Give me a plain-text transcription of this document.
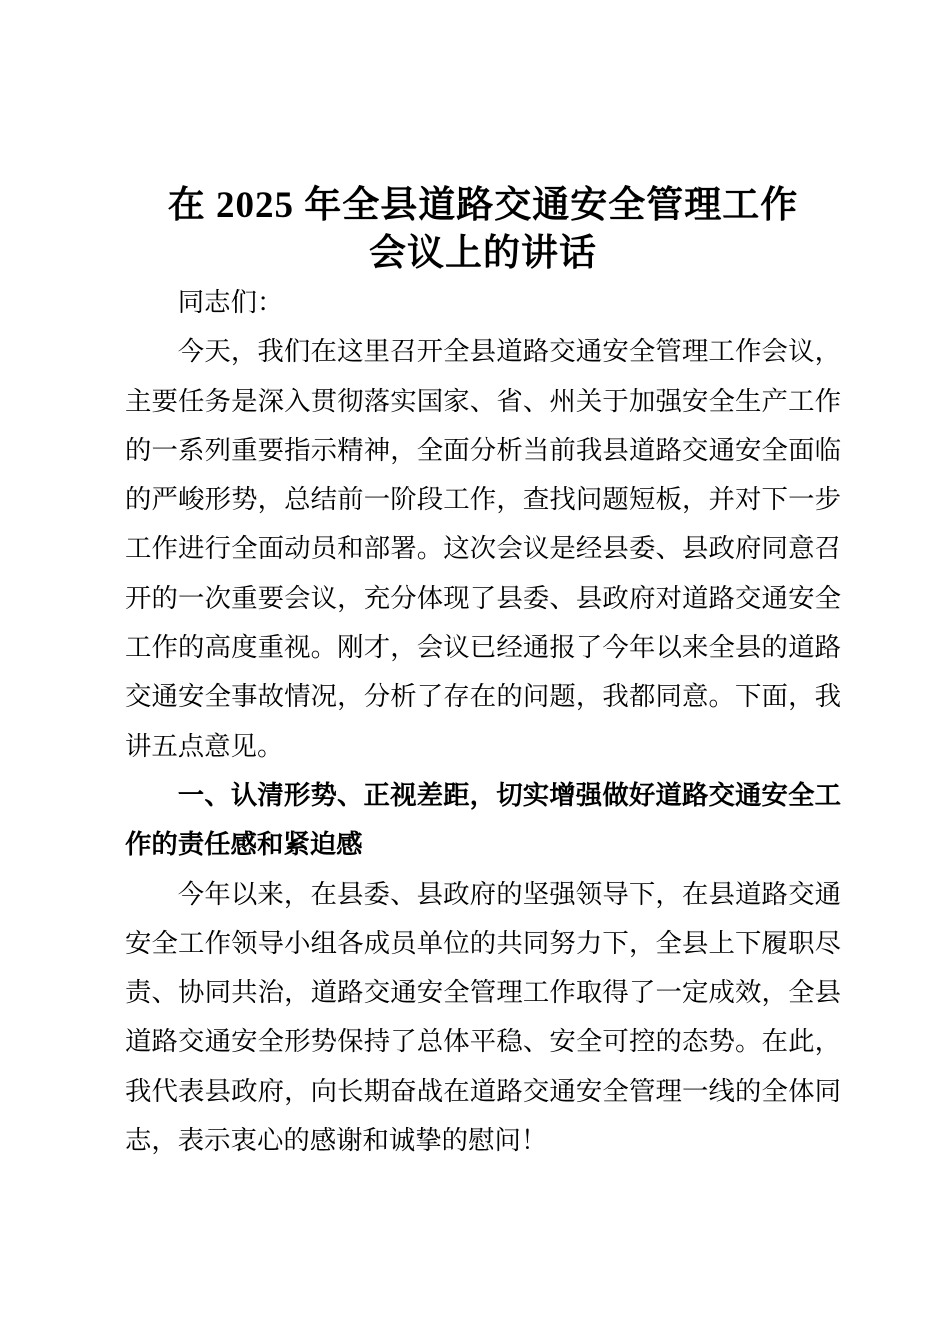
在 2025 年全县道路交通安全管理工作
会议上的讲话

同志们：

今天，我们在这里召开全县道路交通安全管理工作会议，主要任务是深入贯彻落实国家、省、州关于加强安全生产工作的一系列重要指示精神，全面分析当前我县道路交通安全面临的严峻形势，总结前一阶段工作，查找问题短板，并对下一步工作进行全面动员和部署。这次会议是经县委、县政府同意召开的一次重要会议，充分体现了县委、县政府对道路交通安全工作的高度重视。刚才，会议已经通报了今年以来全县的道路交通安全事故情况，分析了存在的问题，我都同意。下面，我讲五点意见。

一、认清形势、正视差距，切实增强做好道路交通安全工作的责任感和紧迫感

今年以来，在县委、县政府的坚强领导下，在县道路交通安全工作领导小组各成员单位的共同努力下，全县上下履职尽责、协同共治，道路交通安全管理工作取得了一定成效，全县道路交通安全形势保持了总体平稳、安全可控的态势。在此，我代表县政府，向长期奋战在道路交通安全管理一线的全体同志，表示衷心的感谢和诚挚的慰问！
